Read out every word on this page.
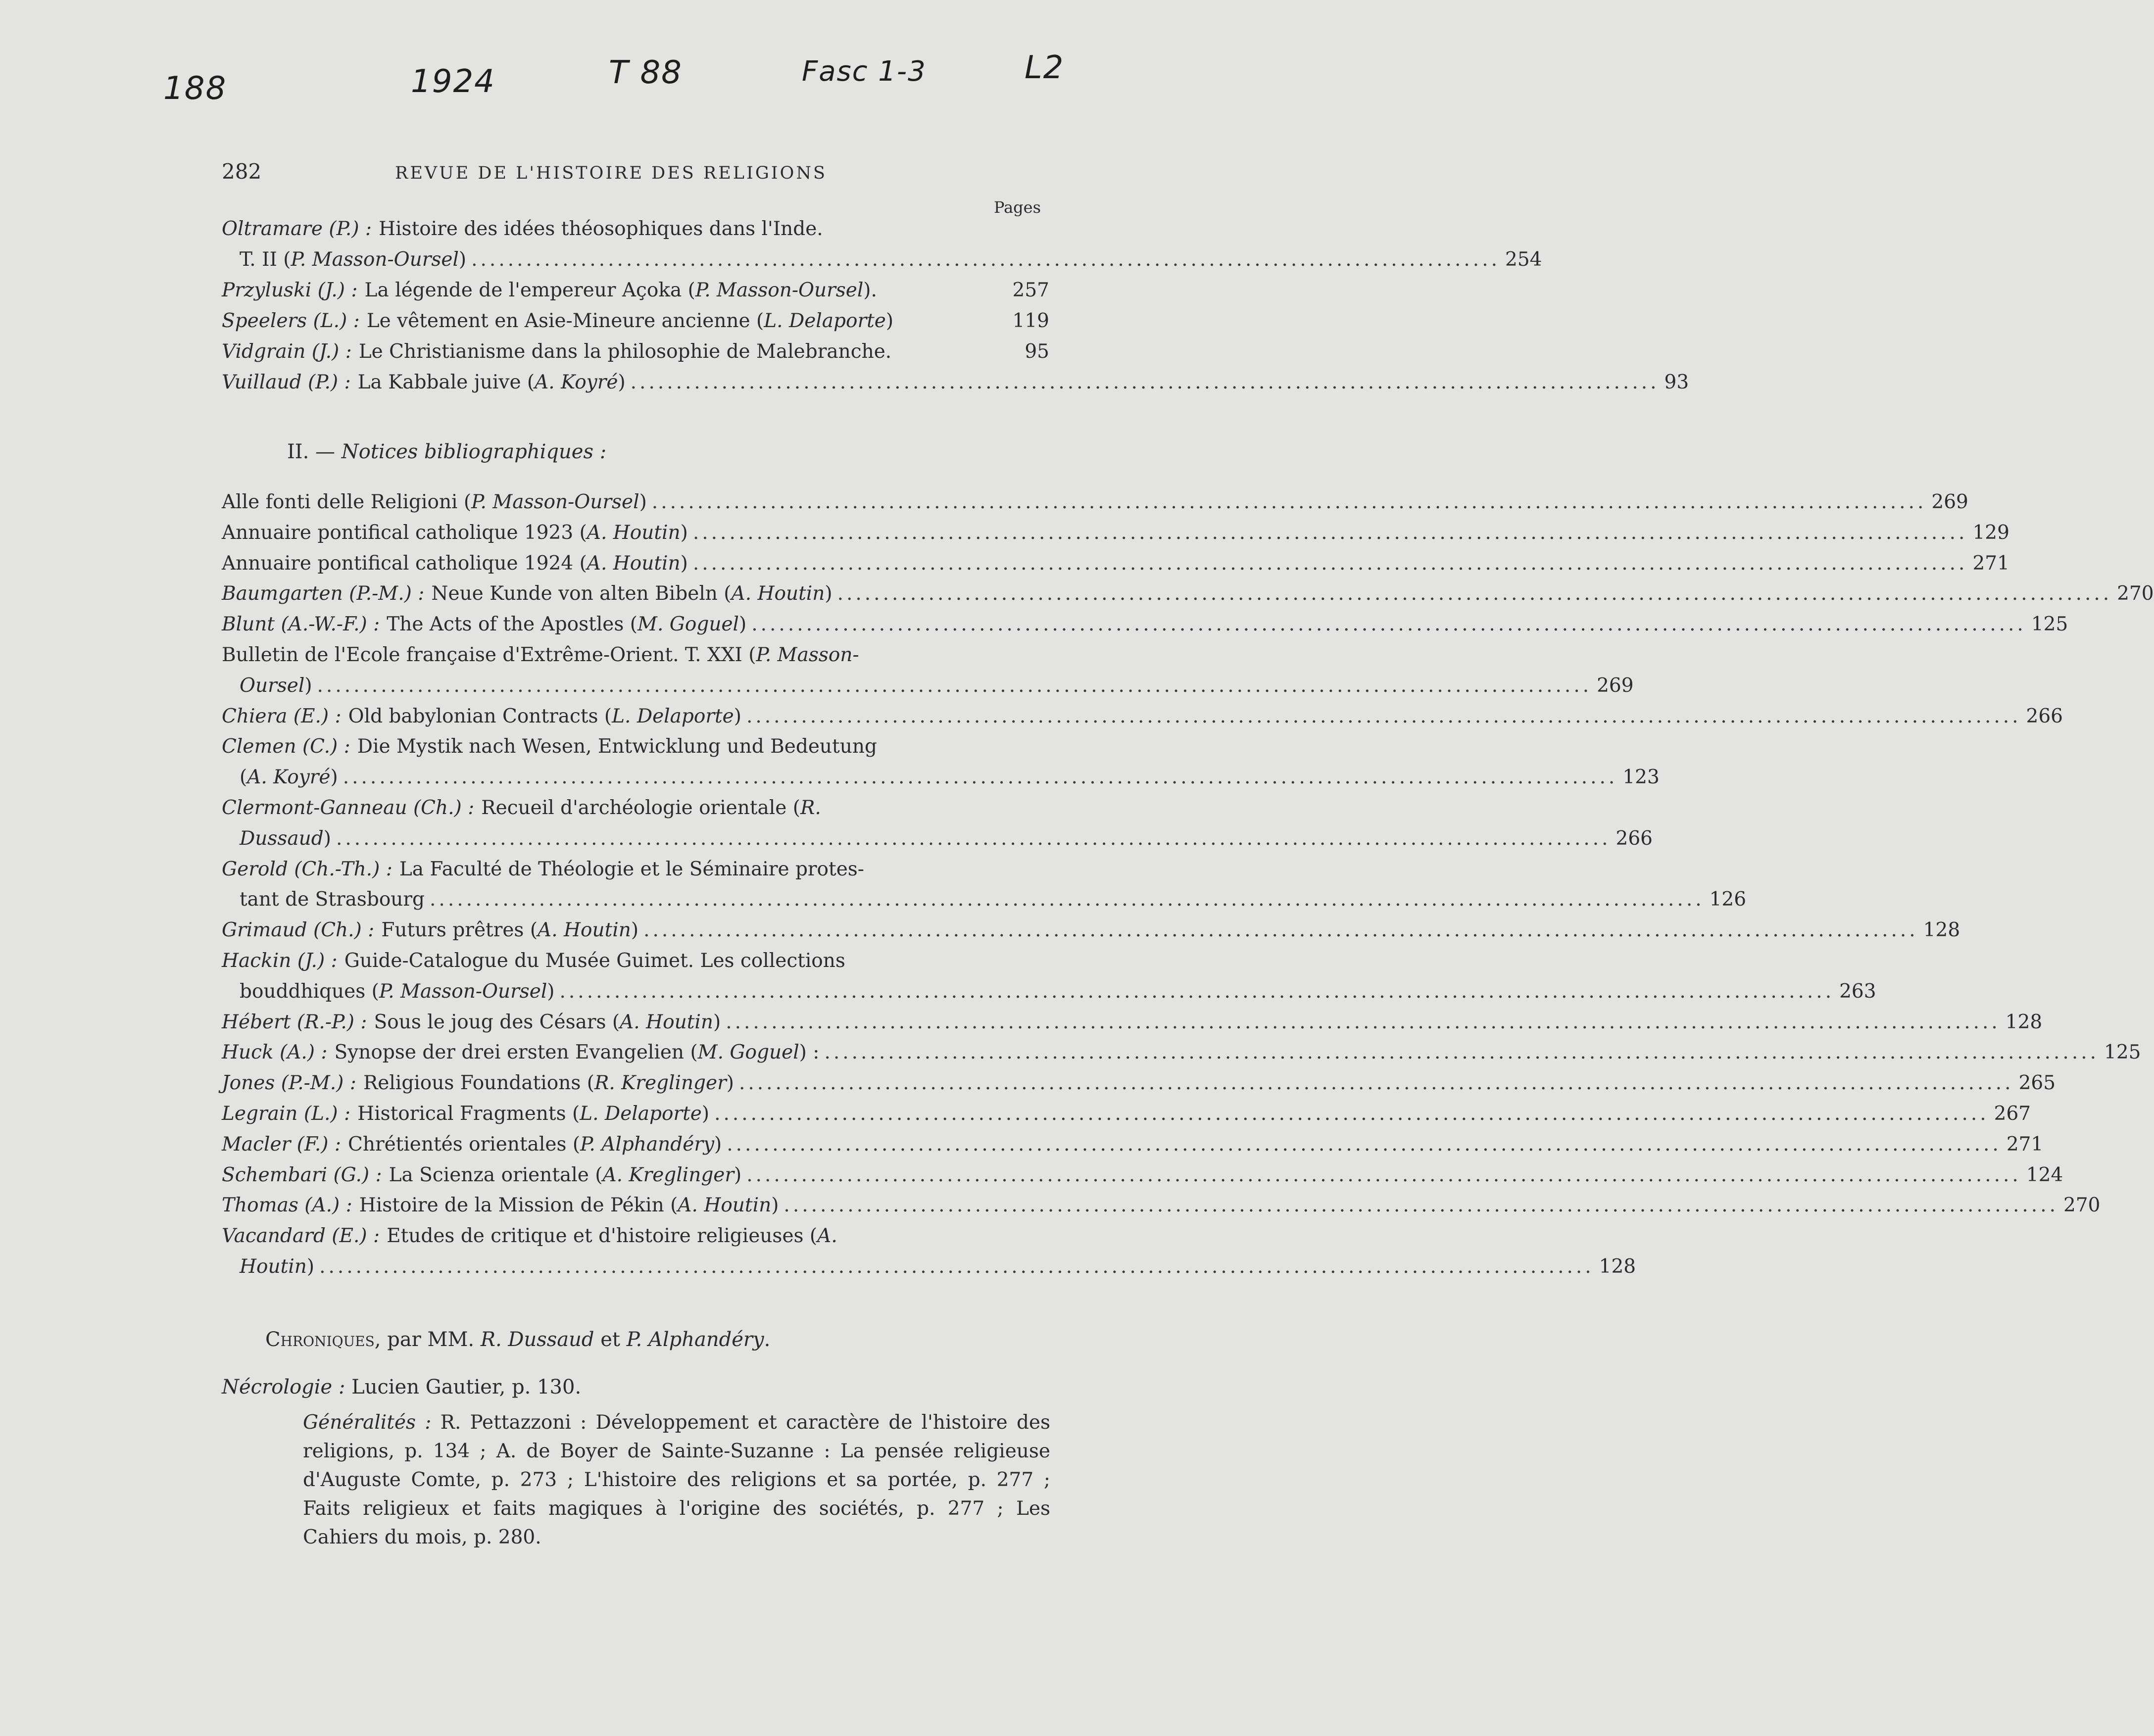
188	1924	T 88	Fasc 1-3	L2
282	REVUE DE L'HISTOIRE DES RELIGIONS
Pages
Oltramare (P.) : Histoire des idées théosophiques dans l'Inde.
T. II ( P. Masson-Oursel ) ................................................................................................................. 254
Przyluski (J.) : La légende de l'empereur Açoka ( P. Masson-Oursel ).	257
Speelers (L.) : Le vêtement en Asie-Mineure ancienne ( L. Delaporte )	119
Vidgrain (J.) : Le Christianisme dans la philosophie de Malebranche.	95
Vuillaud (P.) : La Kabbale juive ( A. Koyré ) ................................................................................................................. 93
II. — Notices bibliographiques :
Alle fonti delle Religioni (P. Masson-Oursel) ............................................................................................................................................ 269
Annuaire pontifical catholique 1923 (A. Houtin) ............................................................................................................................................ 129
Annuaire pontifical catholique 1924 (A. Houtin) ............................................................................................................................................ 271
Baumgarten (P.-M.) : Neue Kunde von alten Bibeln (A. Houtin) ............................................................................................................................................ 270
Blunt (A.-W.-F.) : The Acts of the Apostles (M. Goguel) ............................................................................................................................................ 125
Bulletin de l'Ecole française d'Extrême-Orient. T. XXI (P. Masson-
Oursel) ............................................................................................................................................ 269
Chiera (E.) : Old babylonian Contracts (L. Delaporte) ............................................................................................................................................ 266
Clemen (C.) : Die Mystik nach Wesen, Entwicklung und Bedeutung
(A. Koyré) ............................................................................................................................................ 123
Clermont-Ganneau (Ch.) : Recueil d'archéologie orientale (R.
Dussaud) ............................................................................................................................................ 266
Gerold (Ch.-Th.) : La Faculté de Théologie et le Séminaire protes-
tant de Strasbourg ............................................................................................................................................ 126
Grimaud (Ch.) : Futurs prêtres (A. Houtin) ............................................................................................................................................ 128
Hackin (J.) : Guide-Catalogue du Musée Guimet. Les collections
bouddhiques (P. Masson-Oursel) ............................................................................................................................................ 263
Hébert (R.-P.) : Sous le joug des Césars (A. Houtin) ............................................................................................................................................ 128
Huck (A.) : Synopse der drei ersten Evangelien (M. Goguel) : ............................................................................................................................................ 125
Jones (P.-M.) : Religious Foundations (R. Kreglinger) ............................................................................................................................................ 265
Legrain (L.) : Historical Fragments (L. Delaporte) ............................................................................................................................................ 267
Macler (F.) : Chrétientés orientales (P. Alphandéry) ............................................................................................................................................ 271
Schembari (G.) : La Scienza orientale (A. Kreglinger) ............................................................................................................................................ 124
Thomas (A.) : Histoire de la Mission de Pékin (A. Houtin) ............................................................................................................................................ 270
Vacandard (E.) : Etudes de critique et d'histoire religieuses (A.
Houtin) ............................................................................................................................................ 128
Chroniques, par MM. R. Dussaud et P. Alphandéry.
Nécrologie : Lucien Gautier, p. 130.
Généralités : R. Pettazzoni : Développement et caractère de l'histoire des religions, p. 134 ; A. de Boyer de Sainte-Suzanne : La pensée religieuse d'Auguste Comte, p. 273 ; L'histoire des religions et sa portée, p. 277 ; Faits religieux et faits magiques à l'origine des sociétés, p. 277 ; Les Cahiers du mois, p. 280.
